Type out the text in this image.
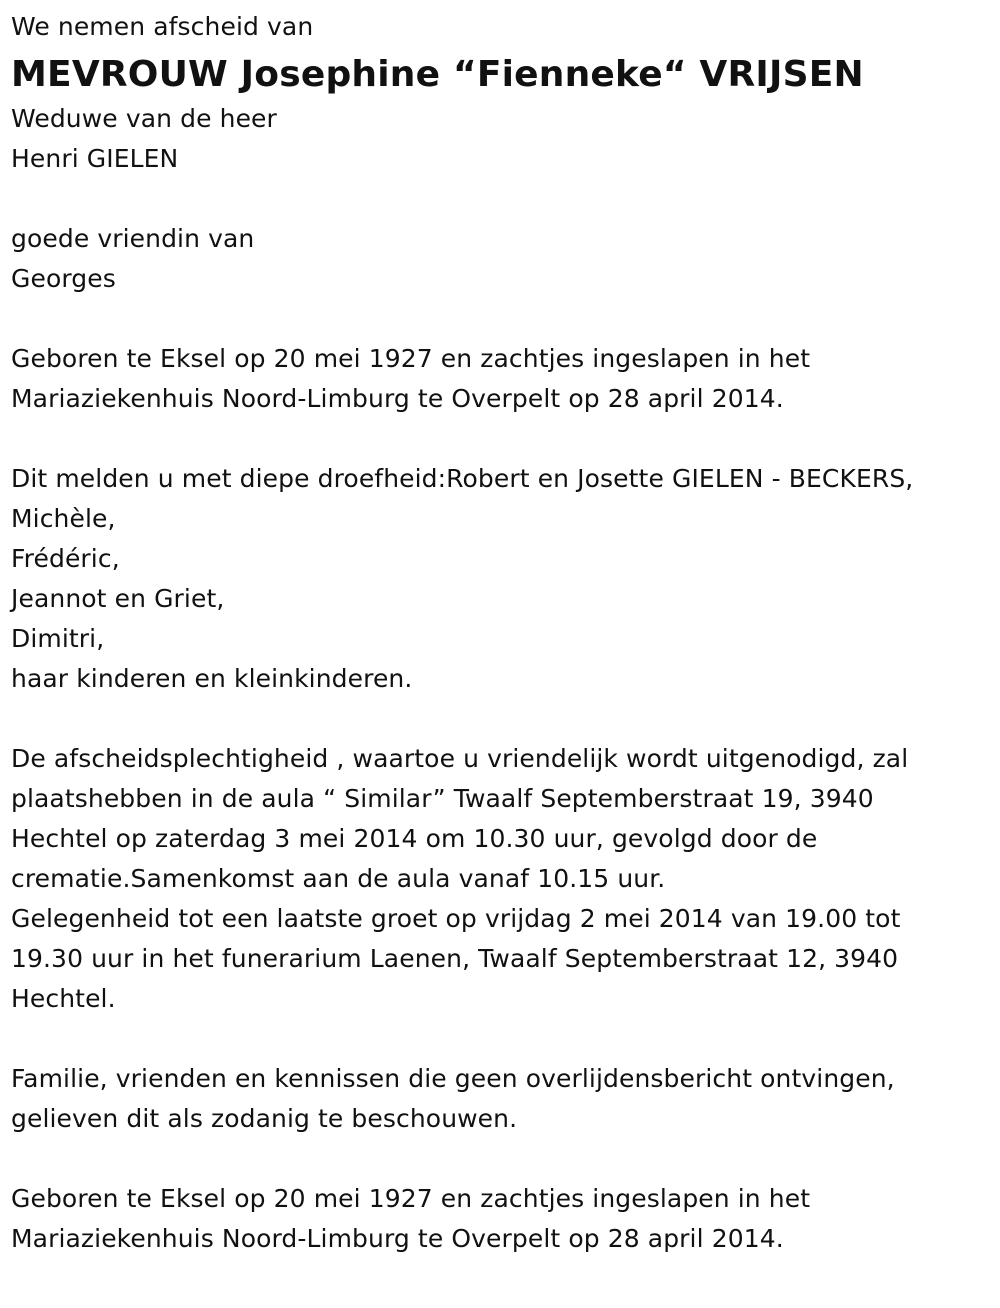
We nemen afscheid van
MEVROUW Josephine “Fienneke“ VRIJSEN
Weduwe van de heer
Henri GIELEN
goede vriendin van
Georges
Geboren te Eksel op 20 mei 1927 en zachtjes ingeslapen in het
Mariaziekenhuis Noord-Limburg te Overpelt op 28 april 2014.
Dit melden u met diepe droefheid:Robert en Josette GIELEN - BECKERS,
Michèle,
Frédéric,
Jeannot en Griet,
Dimitri,
haar kinderen en kleinkinderen.
De afscheidsplechtigheid , waartoe u vriendelijk wordt uitgenodigd, zal
plaatshebben in de aula “ Similar” Twaalf Septemberstraat 19, 3940
Hechtel op zaterdag 3 mei 2014 om 10.30 uur, gevolgd door de
crematie.Samenkomst aan de aula vanaf 10.15 uur.
Gelegenheid tot een laatste groet op vrijdag 2 mei 2014 van 19.00 tot
19.30 uur in het funerarium Laenen, Twaalf Septemberstraat 12, 3940
Hechtel.
Familie, vrienden en kennissen die geen overlijdensbericht ontvingen,
gelieven dit als zodanig te beschouwen.
Geboren te Eksel op 20 mei 1927 en zachtjes ingeslapen in het
Mariaziekenhuis Noord-Limburg te Overpelt op 28 april 2014.
